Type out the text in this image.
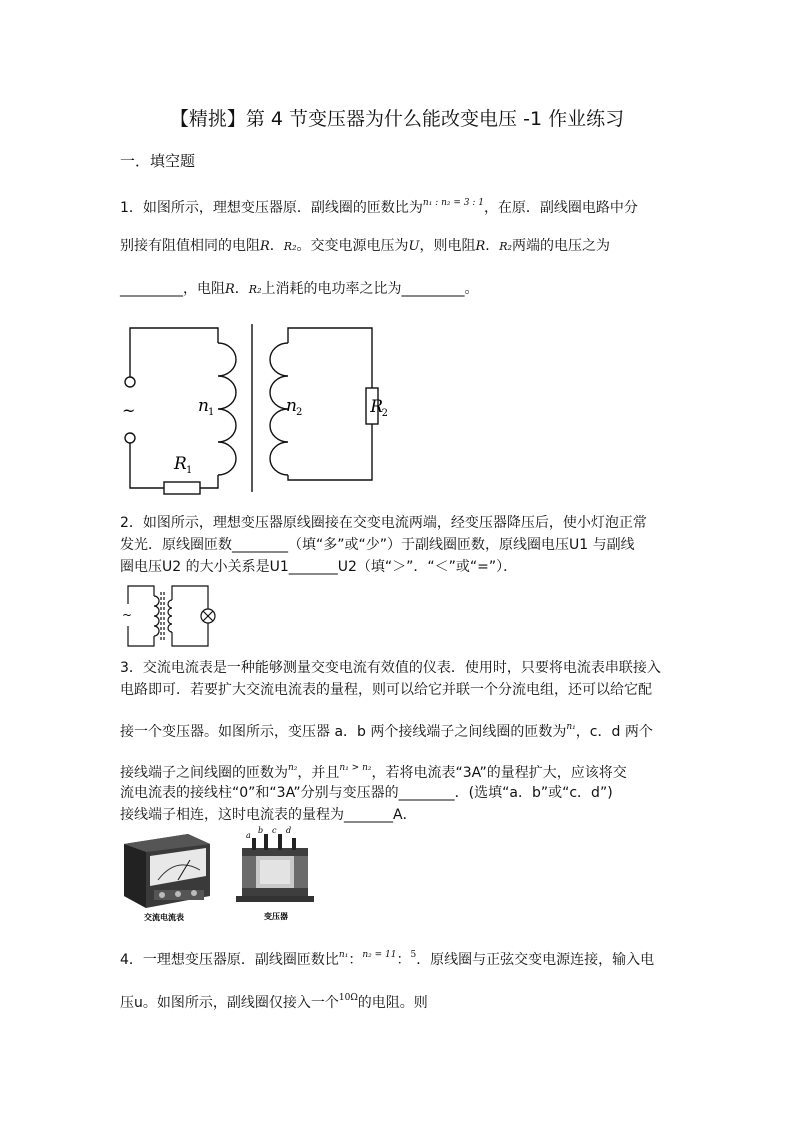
【精挑】第 4 节变压器为什么能改变电压 -1 作业练习
一．填空题
1．如图所示，理想变压器原．副线圈的匝数比为$^{n_1 : n_2 = 3 : 1}$，在原．副线圈电路中分
别接有阻值相同的电阻R．R₂。交变电源电压为U，则电阻R．R₂两端的电压之为
_________，电阻R．R₂上消耗的电功率之比为_________。
~	n 1	n 2
R 1
R
2
2．如图所示，理想变压器原线圈接在交变电流两端，经变压器降压后，使小灯泡正常
发光．原线圈匝数________（填“多”或“少”）于副线圈匝数，原线圈电压U1 与副线
圈电压U2 的大小关系是U1_______U2（填“＞”．“＜”或“=”）．
~
3．交流电流表是一种能够测量交变电流有效值的仪表．使用时，只要将电流表串联接入
电路即可．若要扩大交流电流表的量程，则可以给它并联一个分流电组，还可以给它配
接一个变压器。如图所示，变压器 a．b 两个接线端子之间线圈的匝数为$^{n_1}$，c．d 两个
接线端子之间线圈的匝数为$^{n_2}$，并且$^{n_1 > n_2}$，若将电流表“3A”的量程扩大，应该将交
流电流表的接线柱“0”和“3A”分别与变压器的________．(选填“a．b”或“c．d”)
接线端子相连，这时电流表的量程为_______A．
交流电流表
a
b c d
变压器
4．一理想变压器原．副线圈匝数比$^{n_1}$：$^{n_2 = 11}$：$^5$．原线圈与正弦交变电源连接，输入电
压u。如图所示，副线圈仅接入一个$^{10\Omega}$的电阻。则
